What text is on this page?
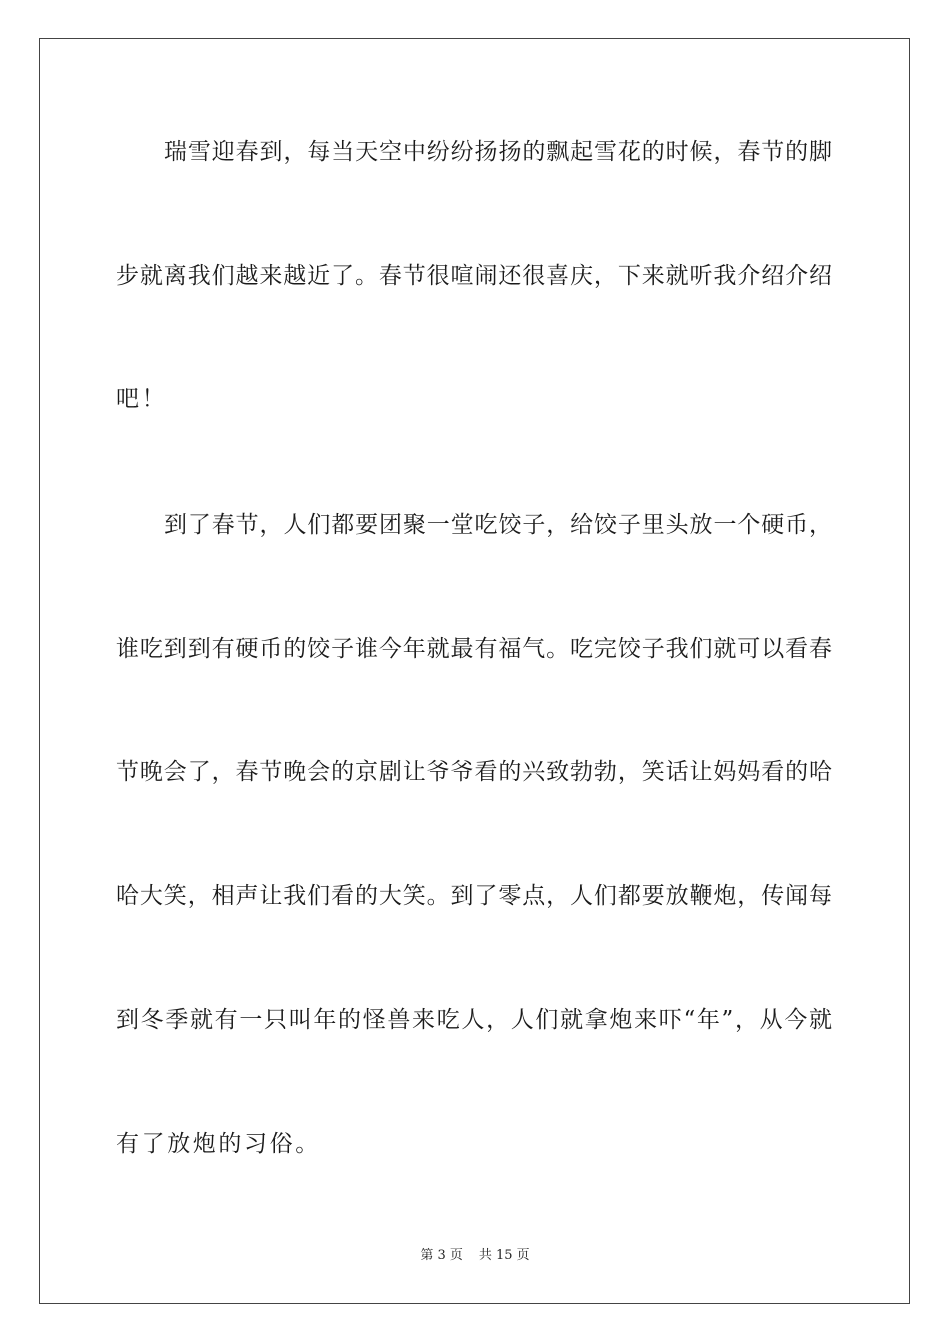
瑞雪迎春到，每当天空中纷纷扬扬的飘起雪花的时候，春节的脚
步就离我们越来越近了。春节很喧闹还很喜庆，下来就听我介绍介绍
吧！
到了春节，人们都要团聚一堂吃饺子，给饺子里头放一个硬币，
谁吃到到有硬币的饺子谁今年就最有福气。吃完饺子我们就可以看春
节晚会了，春节晚会的京剧让爷爷看的兴致勃勃，笑话让妈妈看的哈
哈大笑，相声让我们看的大笑。到了零点，人们都要放鞭炮，传闻每
到冬季就有一只叫年的怪兽来吃人，人们就拿炮来吓“年”，从今就
有了放炮的习俗。
第 3 页 共 15 页
